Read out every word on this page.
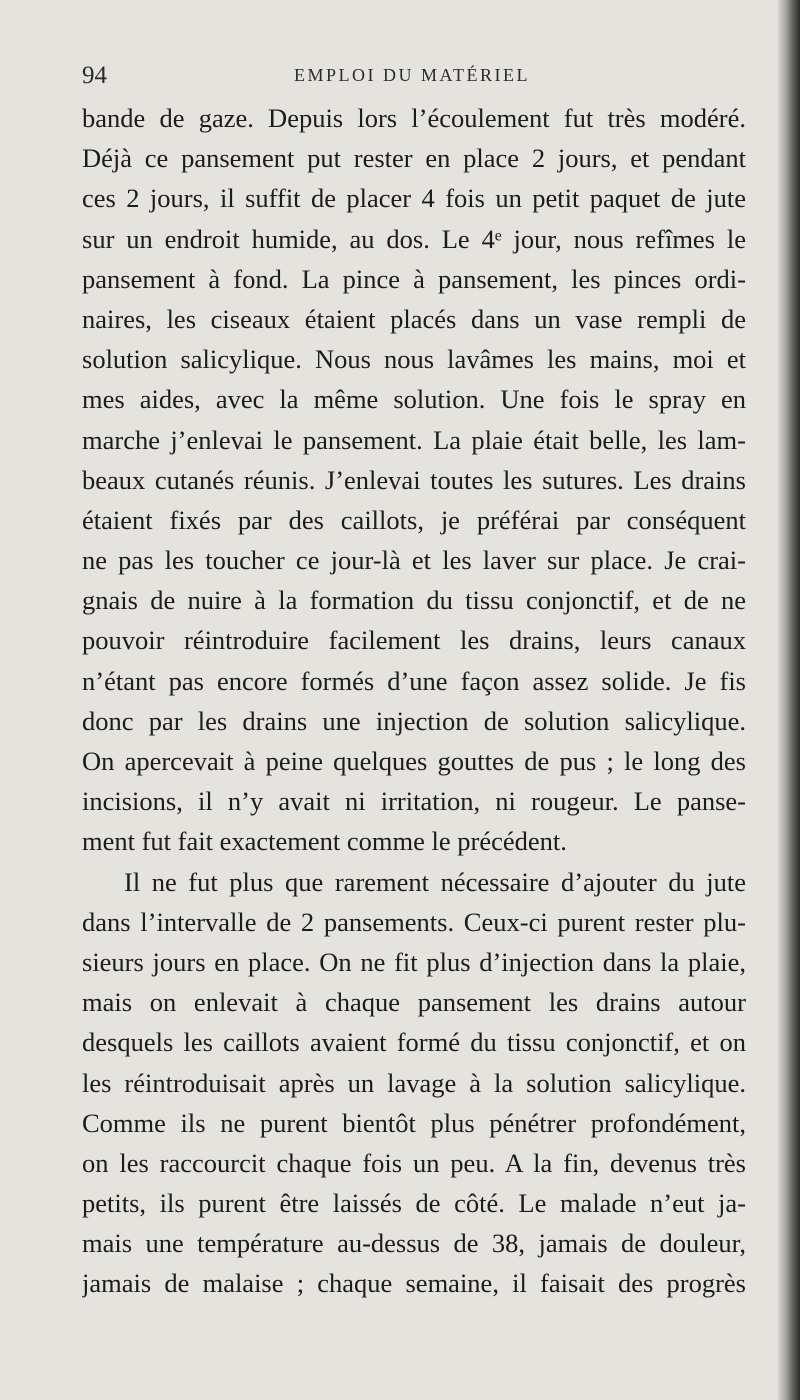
94	EMPLOI DU MATÉRIEL
bande de gaze. Depuis lors l’écoulement fut très modéré.
Déjà ce pansement put rester en place 2 jours, et pendant
ces 2 jours, il suffit de placer 4 fois un petit paquet de jute
sur un endroit humide, au dos. Le 4ᵉ jour, nous refîmes le
pansement à fond. La pince à pansement, les pinces ordi-
naires, les ciseaux étaient placés dans un vase rempli de
solution salicylique. Nous nous lavâmes les mains, moi et
mes aides, avec la même solution. Une fois le spray en
marche j’enlevai le pansement. La plaie était belle, les lam-
beaux cutanés réunis. J’enlevai toutes les sutures. Les drains
étaient fixés par des caillots, je préférai par conséquent
ne pas les toucher ce jour-là et les laver sur place. Je crai-
gnais de nuire à la formation du tissu conjonctif, et de ne
pouvoir réintroduire facilement les drains, leurs canaux
n’étant pas encore formés d’une façon assez solide. Je fis
donc par les drains une injection de solution salicylique.
On apercevait à peine quelques gouttes de pus ; le long des
incisions, il n’y avait ni irritation, ni rougeur. Le panse-
ment fut fait exactement comme le précédent.
Il ne fut plus que rarement nécessaire d’ajouter du jute
dans l’intervalle de 2 pansements. Ceux-ci purent rester plu-
sieurs jours en place. On ne fit plus d’injection dans la plaie,
mais on enlevait à chaque pansement les drains autour
desquels les caillots avaient formé du tissu conjonctif, et on
les réintroduisait après un lavage à la solution salicylique.
Comme ils ne purent bientôt plus pénétrer profondément,
on les raccourcit chaque fois un peu. A la fin, devenus très
petits, ils purent être laissés de côté. Le malade n’eut ja-
mais une température au-dessus de 38, jamais de douleur,
jamais de malaise ; chaque semaine, il faisait des progrès
